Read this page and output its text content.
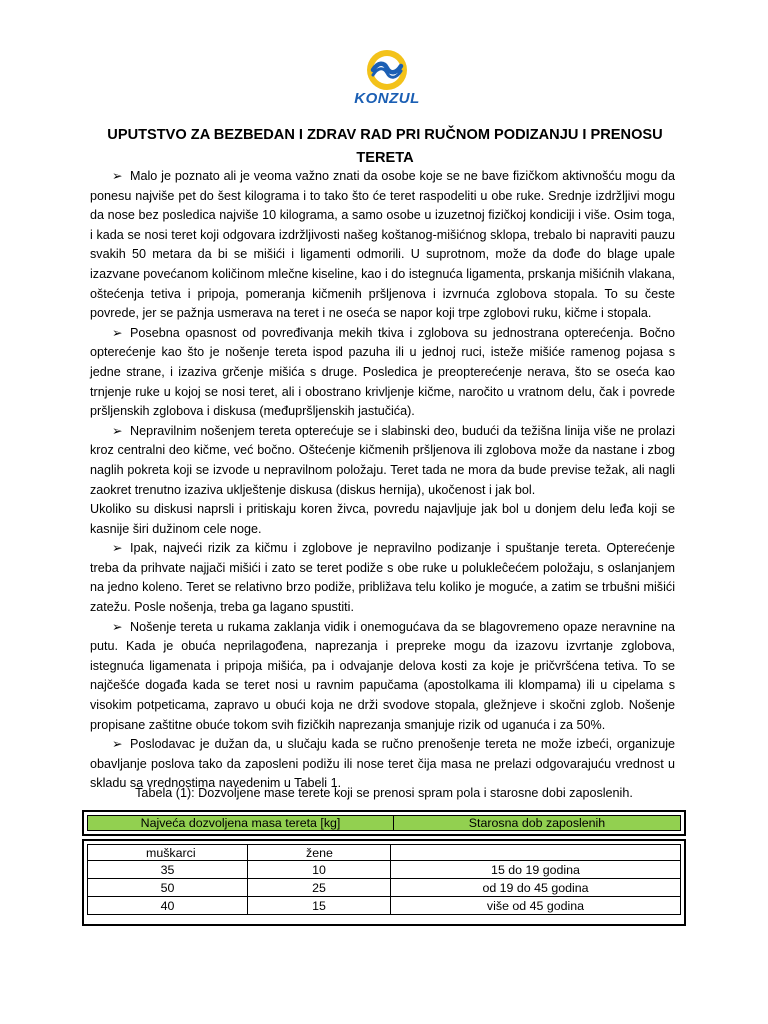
KONZUL
UPUTSTVO ZA BEZBEDAN I ZDRAV RAD PRI RUČNOM PODIZANJU I PRENOSU TERETA

➢ Malo je poznato ali je veoma važno znati da osobe koje se ne bave fizičkom aktivnošću mogu da ponesu najviše pet do šest kilograma i to tako što će teret raspodeliti u obe ruke. Srednje izdržljivi mogu da nose bez posledica najviše 10 kilograma, a samo osobe u izuzetnoj fizičkoj kondiciji i više. Osim toga, i kada se nosi teret koji odgovara izdržljivosti našeg koštanog-mišićnog sklopa, trebalo bi napraviti pauzu svakih 50 metara da bi se mišići i ligamenti odmorili. U suprotnom, može da dođe do blage upale izazvane povećanom količinom mlečne kiseline, kao i do istegnuća ligamenta, prskanja mišićnih vlakana, oštećenja tetiva i pripoja, pomeranja kičmenih pršljenova i izvrnuća zglobova stopala. To su česte povrede, jer se pažnja usmerava na teret i ne oseća se napor koji trpe zglobovi ruku, kičme i stopala.

➢ Posebna opasnost od povređivanja mekih tkiva i zglobova su jednostrana opterećenja. Bočno opterećenje kao što je nošenje tereta ispod pazuha ili u jednoj ruci, isteže mišiće ramenog pojasa s jedne strane, i izaziva grčenje mišića s druge. Posledica je preopterećenje nerava, što se oseća kao trnjenje ruke u kojoj se nosi teret, ali i obostrano krivljenje kičme, naročito u vratnom delu, čak i povrede pršljenskih zglobova i diskusa (međupršljenskih jastučića).

➢ Nepravilnim nošenjem tereta opterećuje se i slabinski deo, budući da težišna linija više ne prolazi kroz centralni deo kičme, već bočno. Oštećenje kičmenih pršljenova ili zglobova može da nastane i zbog naglih pokreta koji se izvode u nepravilnom položaju. Teret tada ne mora da bude previse težak, ali nagli zaokret trenutno izaziva uklještenje diskusa (diskus hernija), ukočenost i jak bol.

Ukoliko su diskusi naprsli i pritiskaju koren živca, povredu najavljuje jak bol u donjem delu leđa koji se kasnije širi dužinom cele noge.

➢ Ipak, najveći rizik za kičmu i zglobove je nepravilno podizanje i spuštanje tereta. Opterećenje treba da prihvate najjači mišići i zato se teret podiže s obe ruke u polukleĉećem položaju, s oslanjanjem na jedno koleno. Teret se relativno brzo podiže, približava telu koliko je moguće, a zatim se trbušni mišići zatežu. Posle nošenja, treba ga lagano spustiti.

➢ Nošenje tereta u rukama zaklanja vidik i onemogućava da se blagovremeno opaze neravnine na putu. Kada je obuća neprilagođena, naprezanja i prepreke mogu da izazovu izvrtanje zglobova, istegnuća ligamenata i pripoja mišića, pa i odvajanje delova kosti za koje je pričvršćena tetiva. To se najčešće događa kada se teret nosi u ravnim papučama (apostolkama ili klompama) ili u cipelama s visokim potpeticama, zapravo u obući koja ne drži svodove stopala, gležnjeve i skočni zglob. Nošenje propisane zaštitne obuće tokom svih fizičkih naprezanja smanjuje rizik od uganuća i za 50%.

➢ Poslodavac je dužan da, u slučaju kada se ručno prenošenje tereta ne može izbeći, organizuje obavljanje poslova tako da zaposleni podižu ili nose teret čija masa ne prelazi odgovarajuću vrednost u skladu sa vrednostima navedenim u Tabeli 1.

Tabela (1): Dozvoljene mase terete koji se prenosi spram pola i starosne dobi zaposlenih.
Najveća dozvoljena masa tereta [kg]	Starosna dob zaposlenih
muškarci	žene	
35	10	15 do 19 godina
50	25	od 19 do 45 godina
40	15	više od 45 godina
